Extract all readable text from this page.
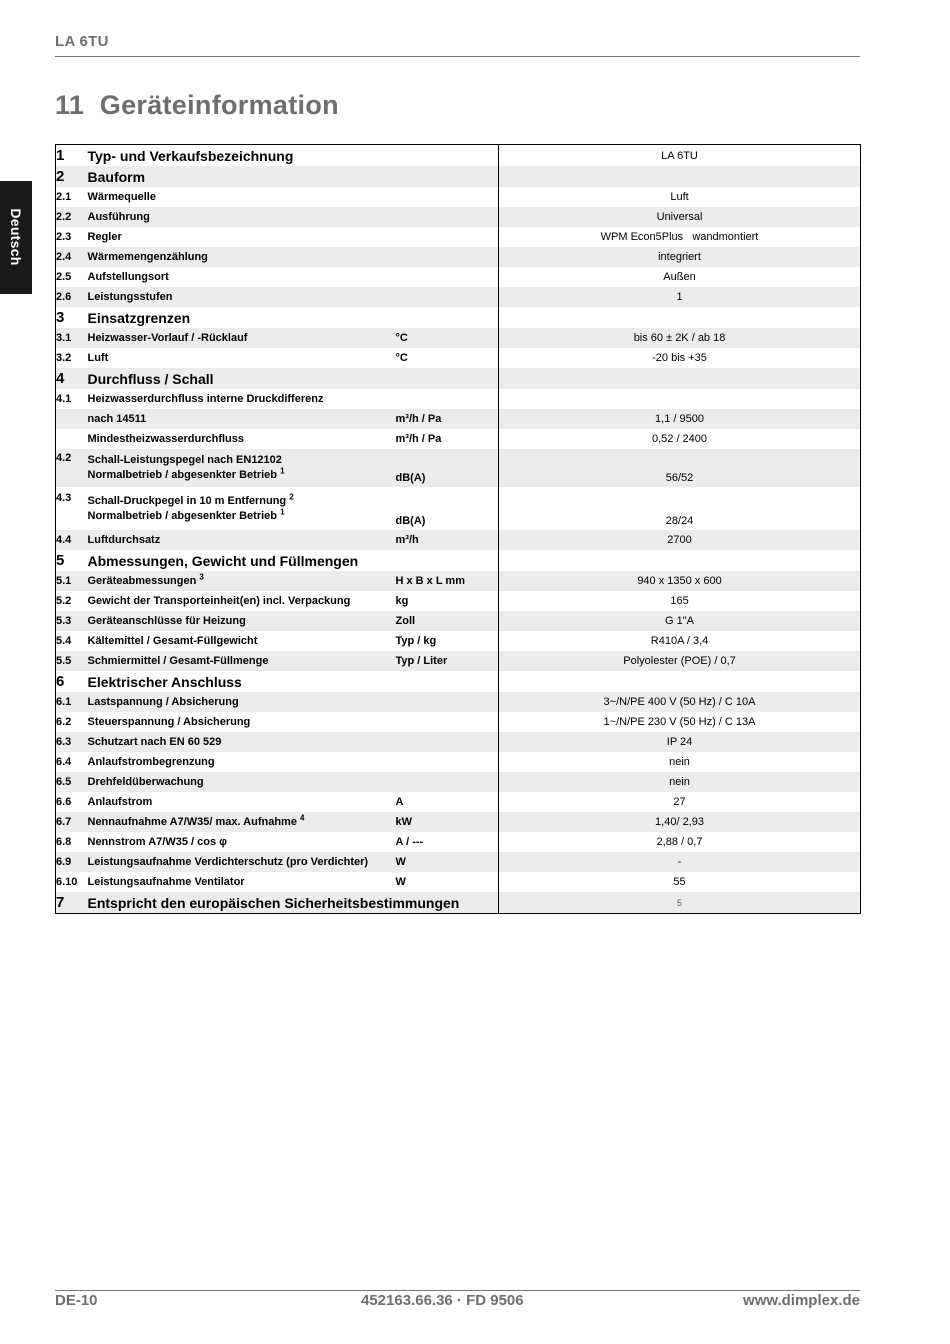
LA 6TU
11 Geräteinformation
Deutsch
1	Typ- und Verkaufsbezeichnung		LA 6TU
2	Bauform		
2.1	Wärmequelle		Luft
2.2	Ausführung		Universal
2.3	Regler		WPM Econ5Plus   wandmontiert
2.4	Wärmemengenzählung		integriert
2.5	Aufstellungsort		Außen
2.6	Leistungsstufen		1
3	Einsatzgrenzen		
3.1	Heizwasser-Vorlauf / -Rücklauf	°C	bis 60 ± 2K / ab 18
3.2	Luft	°C	-20 bis +35
4	Durchfluss / Schall		
4.1	Heizwasserdurchfluss interne Druckdifferenz		
	nach 14511	m³/h / Pa	1,1 / 9500
	Mindestheizwasserdurchfluss	m³/h / Pa	0,52 / 2400
4.2	Schall-Leistungspegel nach EN12102
Normalbetrieb / abgesenkter Betrieb $^1$	dB(A)	56/52
4.3	Schall-Druckpegel in 10 m Entfernung $^2$
Normalbetrieb / abgesenkter Betrieb $^1$	dB(A)	28/24
4.4	Luftdurchsatz	m³/h	2700
5	Abmessungen, Gewicht und Füllmengen		
5.1	Geräteabmessungen $^3$	H x B x L mm	940 x 1350 x 600
5.2	Gewicht der Transporteinheit(en) incl. Verpackung	kg	165
5.3	Geräteanschlüsse für Heizung	Zoll	G 1"A
5.4	Kältemittel / Gesamt-Füllgewicht	Typ / kg	R410A / 3,4
5.5	Schmiermittel / Gesamt-Füllmenge	Typ / Liter	Polyolester (POE) / 0,7
6	Elektrischer Anschluss		
6.1	Lastspannung / Absicherung		3~/N/PE 400 V (50 Hz) / C 10A
6.2	Steuerspannung / Absicherung		1~/N/PE 230 V (50 Hz) / C 13A
6.3	Schutzart nach EN 60 529		IP 24
6.4	Anlaufstrombegrenzung		nein
6.5	Drehfeldüberwachung		nein
6.6	Anlaufstrom	A	27
6.7	Nennaufnahme A7/W35/ max. Aufnahme $^4$	kW	1,40/ 2,93
6.8	Nennstrom A7/W35 / cos φ	A / ---	2,88 / 0,7
6.9	Leistungsaufnahme Verdichterschutz (pro Verdichter)	W	-
6.10	Leistungsaufnahme Ventilator	W	55
7	Entspricht den europäischen Sicherheitsbestimmungen		5
DE-10	452163.66.36 · FD 9506	www.dimplex.de
